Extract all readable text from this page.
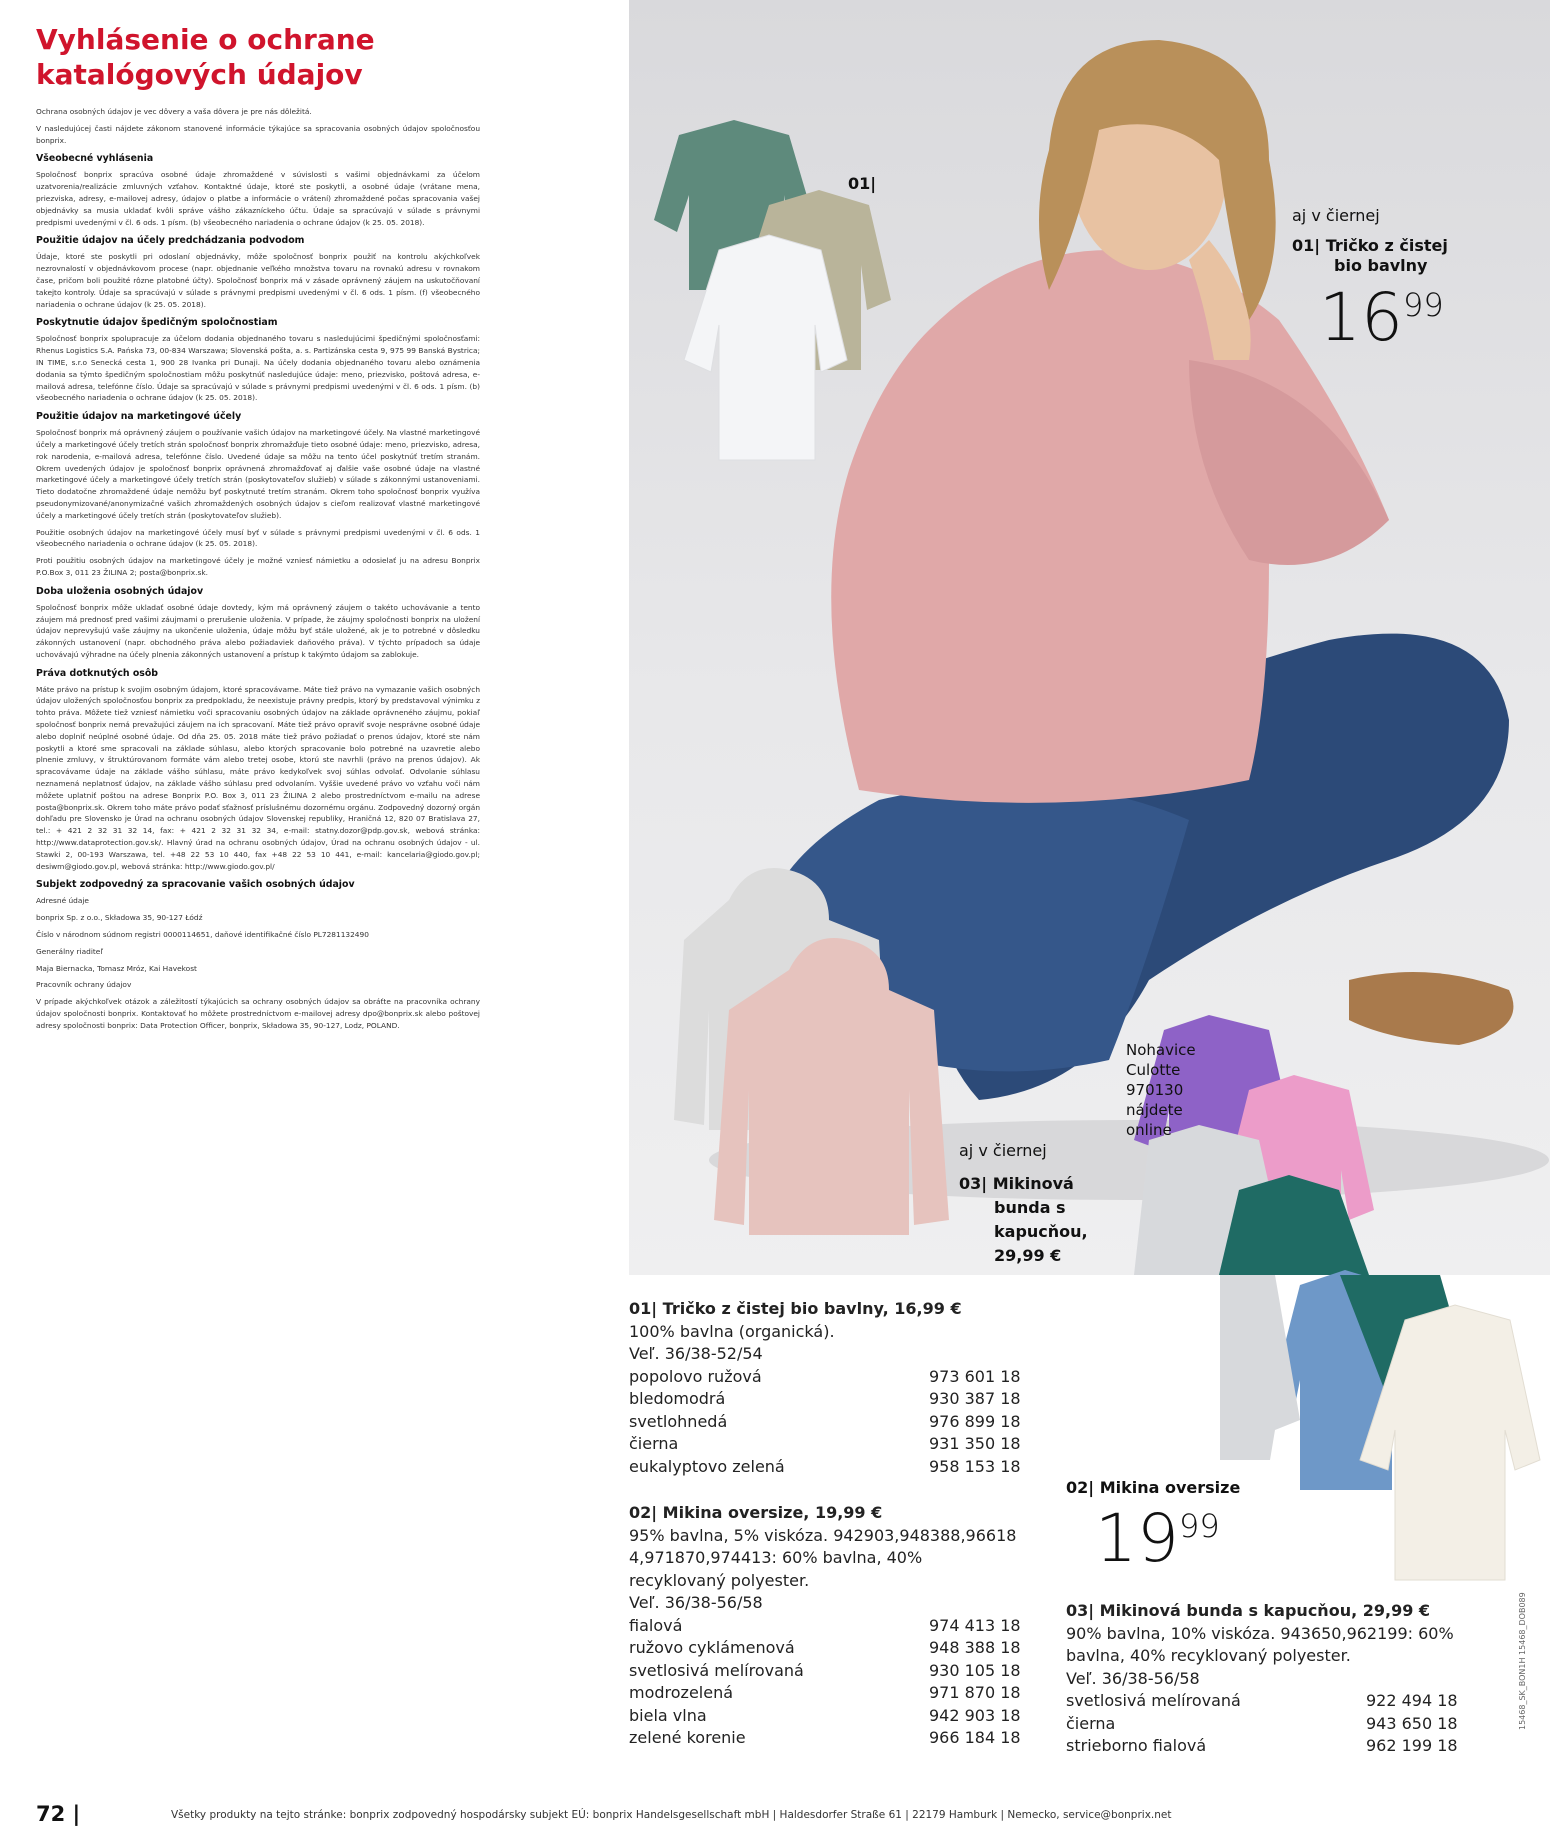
Vyhlásenie o ochrane
katalógových údajov

Ochrana osobných údajov je vec dôvery a vaša dôvera je pre nás dôležitá.

V nasledujúcej časti nájdete zákonom stanovené informácie týkajúce sa spracovania osobných údajov spoločnosťou bonprix.

Všeobecné vyhlásenia

Spoločnosť bonprix spracúva osobné údaje zhromaždené v súvislosti s vašimi objednávkami za účelom uzatvorenia/realizácie zmluvných vzťahov. Kontaktné údaje, ktoré ste poskytli, a osobné údaje (vrátane mena, priezviska, adresy, e-mailovej adresy, údajov o platbe a informácie o vrátení) zhromaždené počas spracovania vašej objednávky sa musia ukladať kvôli správe vášho zákazníckeho účtu. Údaje sa spracúvajú v súlade s právnymi predpismi uvedenými v čl. 6 ods. 1 písm. (b) všeobecného nariadenia o ochrane údajov (k 25. 05. 2018).

Použitie údajov na účely predchádzania podvodom

Údaje, ktoré ste poskytli pri odoslaní objednávky, môže spoločnosť bonprix použiť na kontrolu akýchkoľvek nezrovnalostí v objednávkovom procese (napr. objednanie veľkého množstva tovaru na rovnakú adresu v rovnakom čase, pričom boli použité rôzne platobné účty). Spoločnosť bonprix má v zásade oprávnený záujem na uskutočňovaní takejto kontroly. Údaje sa spracúvajú v súlade s právnymi predpismi uvedenými v čl. 6 ods. 1 písm. (f) všeobecného nariadenia o ochrane údajov (k 25. 05. 2018).

Poskytnutie údajov špedičným spoločnostiam

Spoločnosť bonprix spolupracuje za účelom dodania objednaného tovaru s nasledujúcimi špedičnými spoločnosťami: Rhenus Logistics S.A. Pańska 73, 00-834 Warszawa; Slovenská pošta, a. s. Partizánska cesta 9, 975 99 Banská Bystrica; IN TIME, s.r.o Senecká cesta 1, 900 28 Ivanka pri Dunaji. Na účely dodania objednaného tovaru alebo oznámenia dodania sa týmto špedičným spoločnostiam môžu poskytnúť nasledujúce údaje: meno, priezvisko, poštová adresa, e-mailová adresa, telefónne číslo. Údaje sa spracúvajú v súlade s právnymi predpismi uvedenými v čl. 6 ods. 1 písm. (b) všeobecného nariadenia o ochrane údajov (k 25. 05. 2018).

Použitie údajov na marketingové účely

Spoločnosť bonprix má oprávnený záujem o používanie vašich údajov na marketingové účely. Na vlastné marketingové účely a marketingové účely tretích strán spoločnosť bonprix zhromažďuje tieto osobné údaje: meno, priezvisko, adresa, rok narodenia, e-mailová adresa, telefónne číslo. Uvedené údaje sa môžu na tento účel poskytnúť tretím stranám. Okrem uvedených údajov je spoločnosť bonprix oprávnená zhromažďovať aj ďalšie vaše osobné údaje na vlastné marketingové účely a marketingové účely tretích strán (poskytovateľov služieb) v súlade s zákonnými ustanoveniami. Tieto dodatočne zhromaždené údaje nemôžu byť poskytnuté tretím stranám. Okrem toho spoločnosť bonprix využíva pseudonymizované/anonymizačné vašich zhromaždených osobných údajov s cieľom realizovať vlastné marketingové účely a marketingové účely tretích strán (poskytovateľov služieb).

Použitie osobných údajov na marketingové účely musí byť v súlade s právnymi predpismi uvedenými v čl. 6 ods. 1 všeobecného nariadenia o ochrane údajov (k 25. 05. 2018).

Proti použitiu osobných údajov na marketingové účely je možné vzniesť námietku a odosielať ju na adresu Bonprix P.O.Box 3, 011 23 ŽILINA 2; posta@bonprix.sk.

Doba uloženia osobných údajov

Spoločnosť bonprix môže ukladať osobné údaje dovtedy, kým má oprávnený záujem o takéto uchovávanie a tento záujem má prednosť pred vašimi záujmami o prerušenie uloženia. V prípade, že záujmy spoločnosti bonprix na uložení údajov neprevyšujú vaše záujmy na ukončenie uloženia, údaje môžu byť stále uložené, ak je to potrebné v dôsledku zákonných ustanovení (napr. obchodného práva alebo požiadaviek daňového práva). V týchto prípadoch sa údaje uchovávajú výhradne na účely plnenia zákonných ustanovení a prístup k takýmto údajom sa zablokuje.

Práva dotknutých osôb

Máte právo na prístup k svojim osobným údajom, ktoré spracovávame. Máte tiež právo na vymazanie vašich osobných údajov uložených spoločnosťou bonprix za predpokladu, že neexistuje právny predpis, ktorý by predstavoval výnimku z tohto práva. Môžete tiež vzniesť námietku voči spracovaniu osobných údajov na základe oprávneného záujmu, pokiaľ spoločnosť bonprix nemá prevažujúci záujem na ich spracovaní. Máte tiež právo opraviť svoje nesprávne osobné údaje alebo doplniť neúplné osobné údaje. Od dňa 25. 05. 2018 máte tiež právo požiadať o prenos údajov, ktoré ste nám poskytli a ktoré sme spracovali na základe súhlasu, alebo ktorých spracovanie bolo potrebné na uzavretie alebo plnenie zmluvy, v štruktúrovanom formáte vám alebo tretej osobe, ktorú ste navrhli (právo na prenos údajov). Ak spracovávame údaje na základe vášho súhlasu, máte právo kedykoľvek svoj súhlas odvolať. Odvolanie súhlasu neznamená neplatnosť údajov, na základe vášho súhlasu pred odvolaním. Vyššie uvedené právo vo vzťahu voči nám môžete uplatniť poštou na adrese Bonprix P.O. Box 3, 011 23 ŽILINA 2 alebo prostredníctvom e-mailu na adrese posta@bonprix.sk. Okrem toho máte právo podať sťažnosť príslušnému dozornému orgánu. Zodpovedný dozorný orgán dohľadu pre Slovensko je Úrad na ochranu osobných údajov Slovenskej republiky, Hraničná 12, 820 07 Bratislava 27, tel.: + 421 2 32 31 32 14, fax: + 421 2 32 31 32 34, e-mail: statny.dozor@pdp.gov.sk, webová stránka: http://www.dataprotection.gov.sk/. Hlavný úrad na ochranu osobných údajov, Úrad na ochranu osobných údajov - ul. Stawki 2, 00-193 Warszawa, tel. +48 22 53 10 440, fax +48 22 53 10 441, e-mail: kancelaria@giodo.gov.pl; desiwm@giodo.gov.pl, webová stránka: http://www.giodo.gov.pl/

Subjekt zodpovedný za spracovanie vašich osobných údajov

Adresné údaje

bonprix Sp. z o.o., Składowa 35, 90-127 Łódź

Číslo v národnom súdnom registri 0000114651, daňové identifikačné číslo PL7281132490

Generálny riaditeľ

Maja Biernacka, Tomasz Mróz, Kai Havekost

Pracovník ochrany údajov

V prípade akýchkoľvek otázok a záležitostí týkajúcich sa ochrany osobných údajov sa obráťte na pracovníka ochrany údajov spoločnosti bonprix. Kontaktovať ho môžete prostredníctvom e-mailovej adresy dpo@bonprix.sk alebo poštovej adresy spoločnosti bonprix: Data Protection Officer, bonprix, Składowa 35, 90-127, Lodz, POLAND.

01|
aj v čiernej
01| Tričko z čistej
bio bavlny
1699
Nohavice
Culotte
970130
nájdete
online
aj v čiernej
03| Mikinová
bunda s
kapucňou,
29,99 €
02| Mikina oversize
1999
01| Tričko z čistej bio bavlny, 16,99 €
100% bavlna (organická).
Veľ. 36/38-52/54
popolovo ružová	973 601 18
bledomodrá	930 387 18
svetlohnedá	976 899 18
čierna	931 350 18
eukalyptovo zelená	958 153 18
02| Mikina oversize, 19,99 €
95% bavlna, 5% viskóza. 942903,948388,96618
4,971870,974413: 60% bavlna, 40%
recyklovaný polyester.
Veľ. 36/38-56/58
fialová	974 413 18
ružovo cyklámenová	948 388 18
svetlosivá melírovaná	930 105 18
modrozelená	971 870 18
biela vlna	942 903 18
zelené korenie	966 184 18
03| Mikinová bunda s kapucňou, 29,99 €
90% bavlna, 10% viskóza. 943650,962199: 60%
bavlna, 40% recyklovaný polyester.
Veľ. 36/38-56/58
svetlosivá melírovaná	922 494 18
čierna	943 650 18
strieborno fialová	962 199 18
15468_SK_BON1H 15468_DOB089
72 |	Všetky produkty na tejto stránke: bonprix zodpovedný hospodársky subjekt EÚ: bonprix Handelsgesellschaft mbH | Haldesdorfer Straße 61 | 22179 Hamburk | Nemecko, service@bonprix.net
